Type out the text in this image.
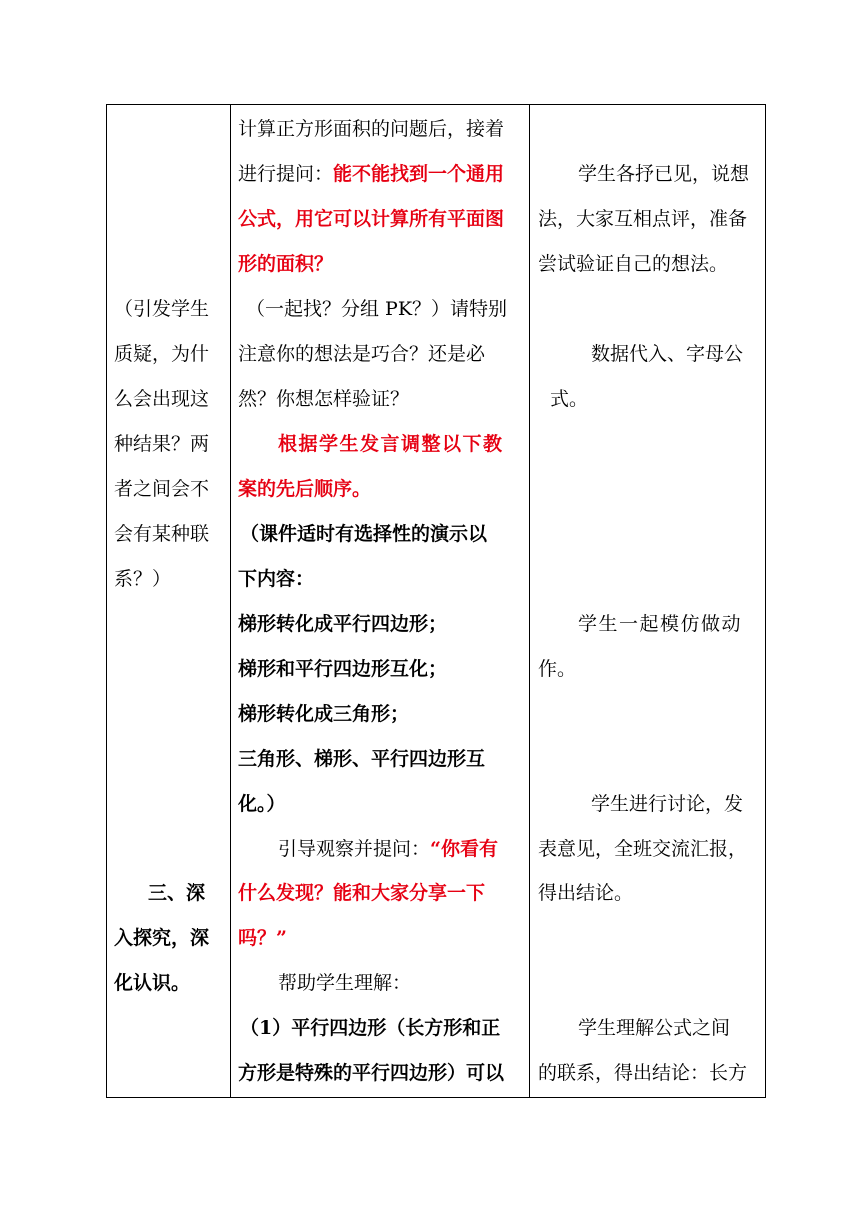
（引发学生
质疑，为什
么会出现这
种结果？两
者之间会不
会有某种联
系？）
三、深
入探究，深
化认识。
计算正方形面积的问题后，接着
进行提问：能不能找到一个通用
公式，用它可以计算所有平面图
形的面积？
（一起找？分组 PK？）请特别
注意你的想法是巧合？还是必
然？你想怎样验证？
根据学生发言调整以下教
案的先后顺序。
（课件适时有选择性的演示以
下内容：
梯形转化成平行四边形；
梯形和平行四边形互化；
梯形转化成三角形；
三角形、梯形、平行四边形互
化。）
引导观察并提问：“你看有
什么发现？能和大家分享一下
吗？”
帮助学生理解：
（1）平行四边形（长方形和正
方形是特殊的平行四边形）可以
学生各抒已见，说想
法，大家互相点评，准备
尝试验证自己的想法。
数据代入、字母公
式。
学生一起模仿做动
作。
学生进行讨论，发
表意见，全班交流汇报，
得出结论。
学生理解公式之间
的联系，得出结论：长方
